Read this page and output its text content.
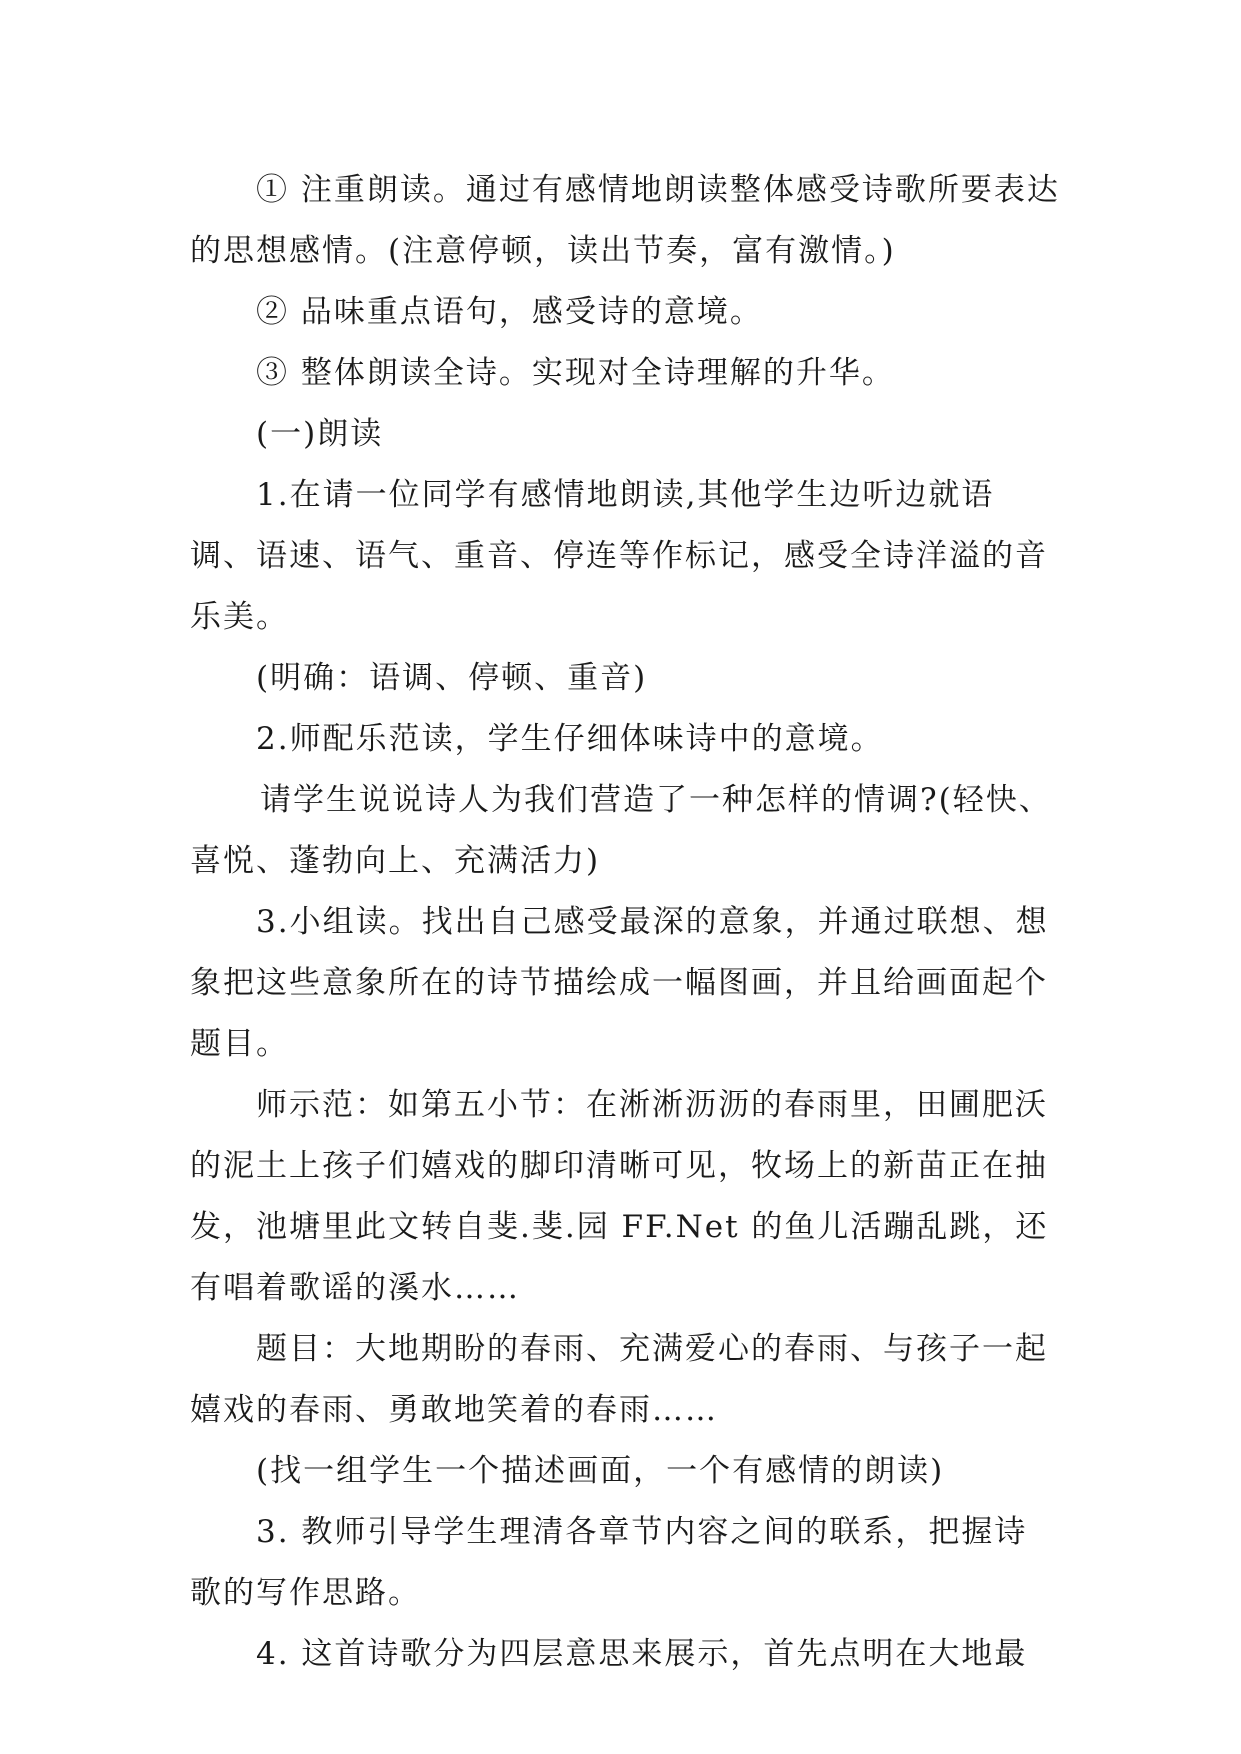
① 注重朗读。通过有感情地朗读整体感受诗歌所要表达的思想感情。(注意停顿，读出节奏，富有激情。)

② 品味重点语句，感受诗的意境。

③ 整体朗读全诗。实现对全诗理解的升华。

(一)朗读

1.在请一位同学有感情地朗读,其他学生边听边就语调、语速、语气、重音、停连等作标记，感受全诗洋溢的音乐美。

(明确：语调、停顿、重音)

2.师配乐范读，学生仔细体味诗中的意境。

请学生说说诗人为我们营造了一种怎样的情调?(轻快、喜悦、蓬勃向上、充满活力)

3.小组读。找出自己感受最深的意象，并通过联想、想象把这些意象所在的诗节描绘成一幅图画，并且给画面起个题目。

师示范：如第五小节：在淅淅沥沥的春雨里，田圃肥沃的泥土上孩子们嬉戏的脚印清晰可见，牧场上的新苗正在抽发，池塘里此文转自斐.斐.园 FF.Net 的鱼儿活蹦乱跳，还有唱着歌谣的溪水……

题目：大地期盼的春雨、充满爱心的春雨、与孩子一起嬉戏的春雨、勇敢地笑着的春雨……

(找一组学生一个描述画面，一个有感情的朗读)

3. 教师引导学生理清各章节内容之间的联系，把握诗歌的写作思路。

4. 这首诗歌分为四层意思来展示，首先点明在大地最
